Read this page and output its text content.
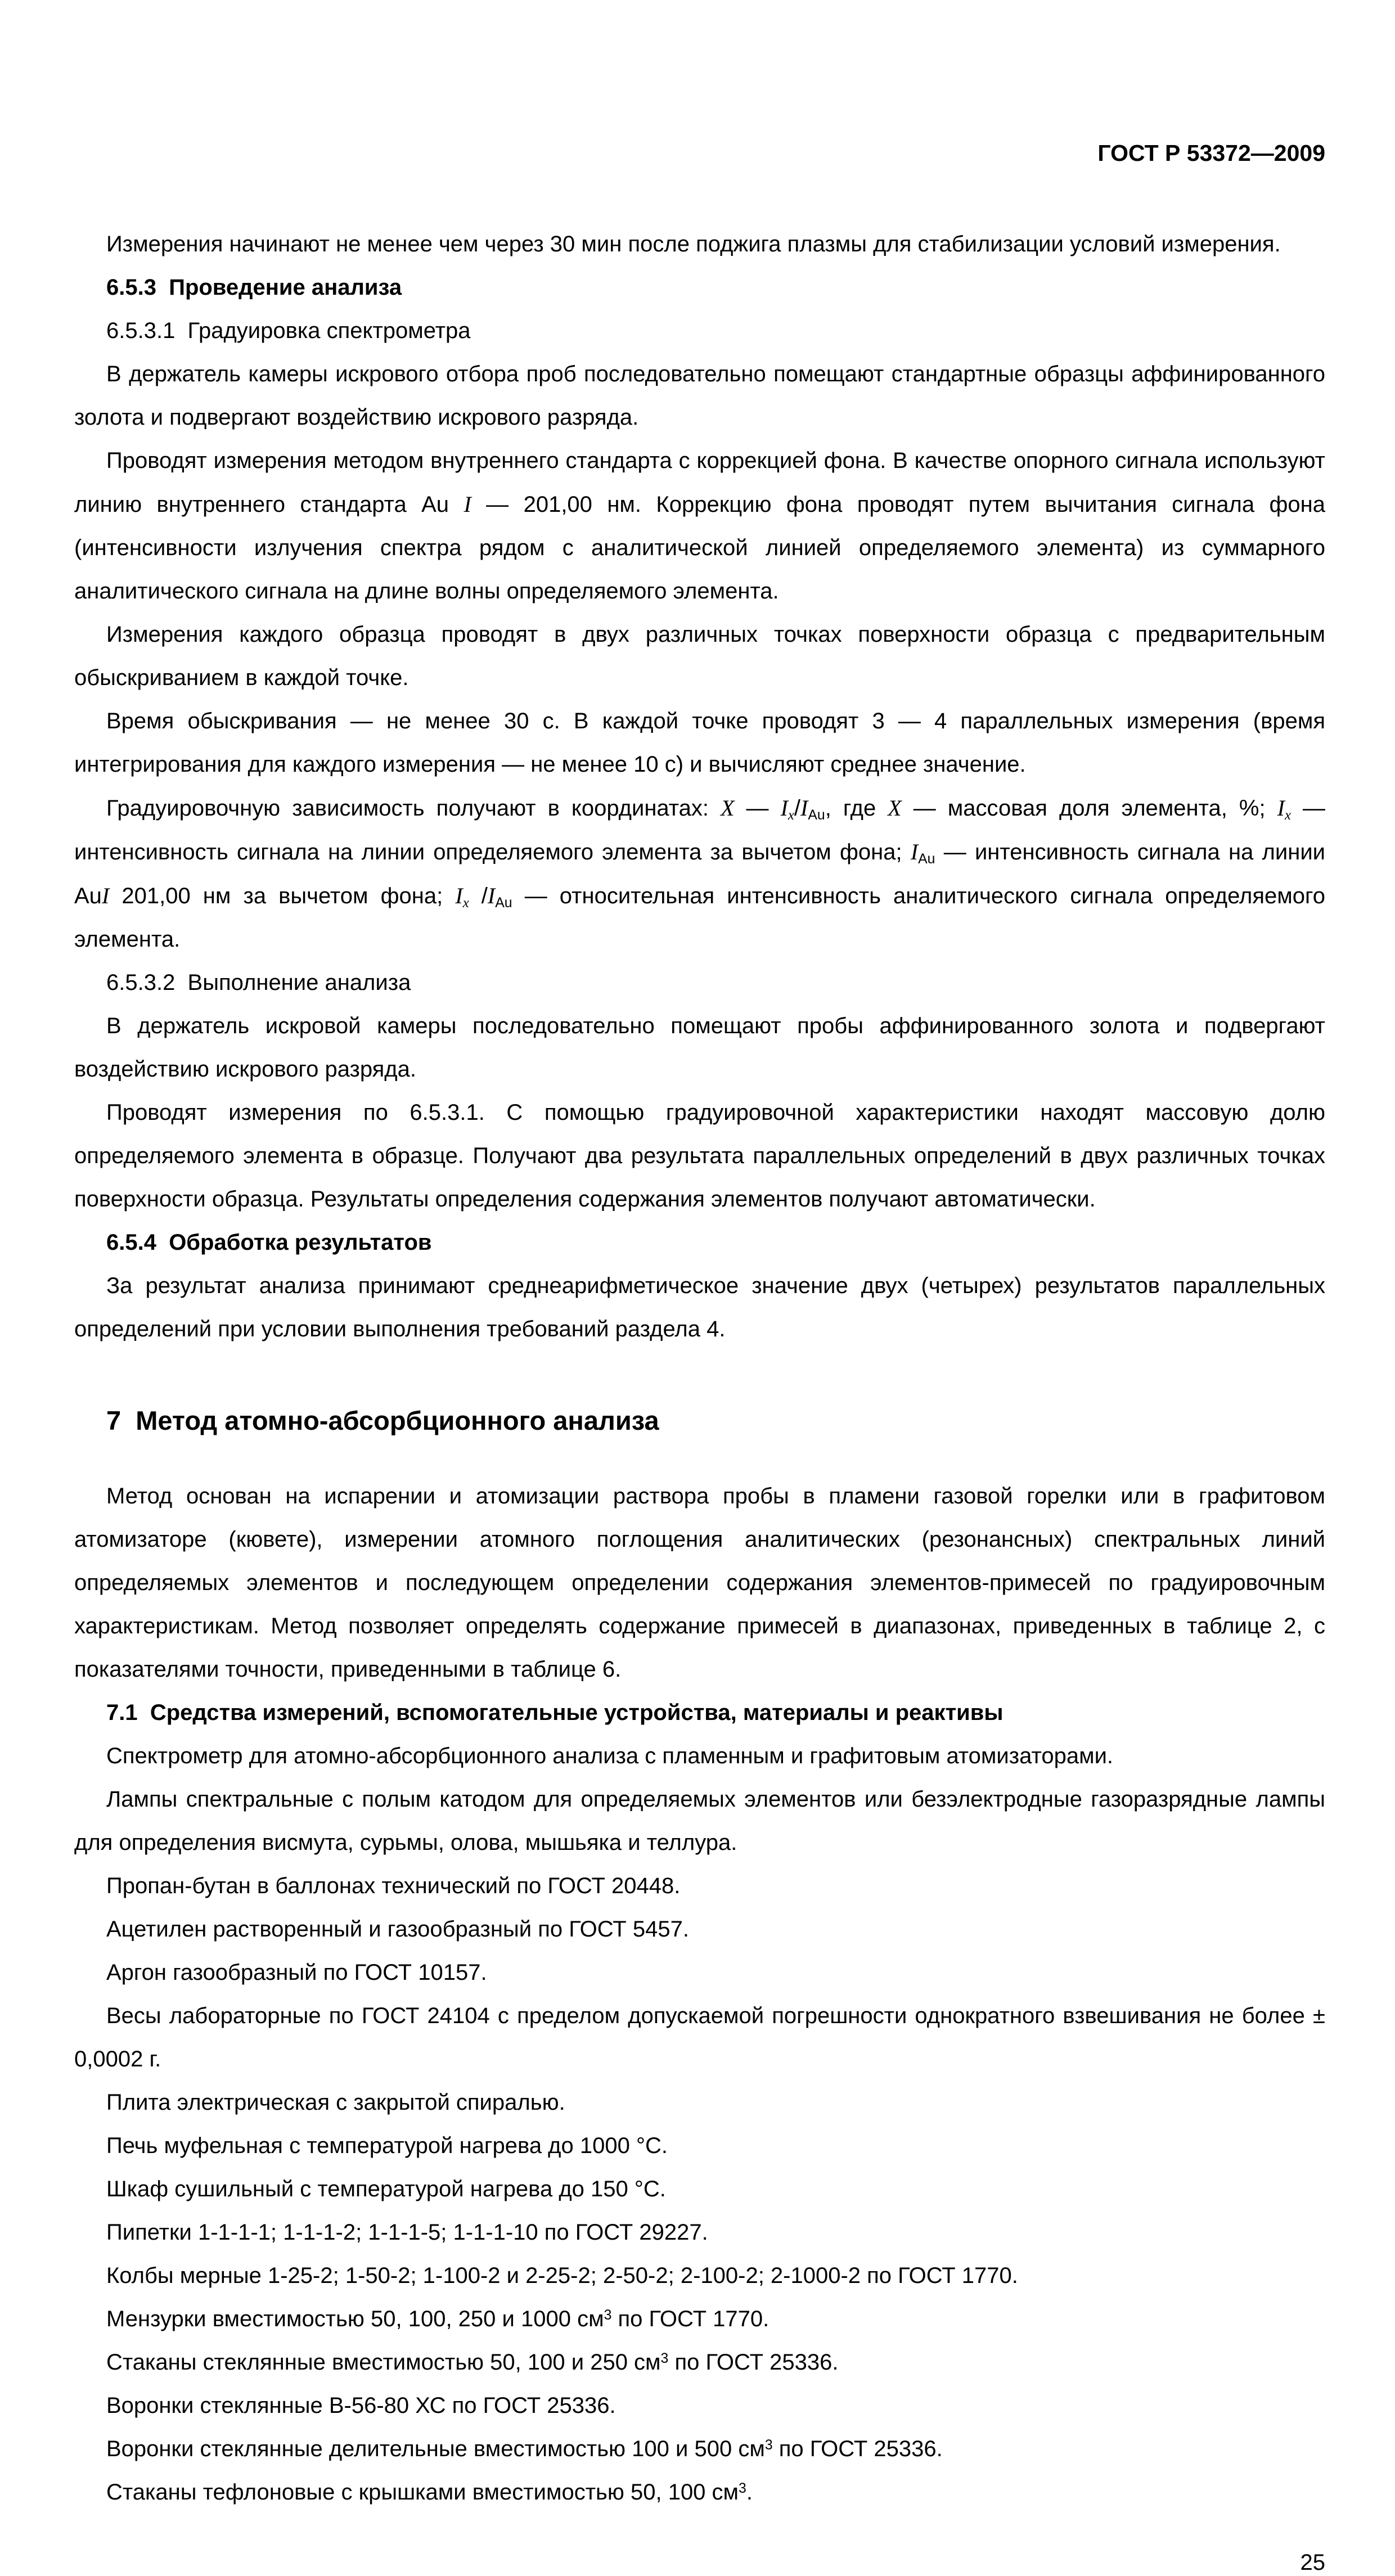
ГОСТ Р 53372—2009

Измерения начинают не менее чем через 30 мин после поджига плазмы для стабилизации условий измерения.

6.5.3  Проведение анализа

6.5.3.1  Градуировка спектрометра

В держатель камеры искрового отбора проб последовательно помещают стандартные образцы аффинированного золота и подвергают воздействию искрового разряда.

Проводят измерения методом внутреннего стандарта с коррекцией фона. В качестве опорного сигнала используют линию внутреннего стандарта Au I — 201,00 нм. Коррекцию фона проводят путем вычитания сигнала фона (интенсивности излучения спектра рядом с аналитической линией определяемого элемента) из суммарного аналитического сигнала на длине волны определяемого элемента.

Измерения каждого образца проводят в двух различных точках поверхности образца с предварительным обыскриванием в каждой точке.

Время обыскривания — не менее 30 с. В каждой точке проводят 3 — 4 параллельных измерения (время интегрирования для каждого измерения — не менее 10 с) и вычисляют среднее значение.

Градуировочную зависимость получают в координатах: X — Ix/IAu, где X — массовая доля элемента, %; Ix — интенсивность сигнала на линии определяемого элемента за вычетом фона; IAu — интенсивность сигнала на линии AuI 201,00 нм за вычетом фона; Ix /IAu — относительная интенсивность аналитического сигнала определяемого элемента.

6.5.3.2  Выполнение анализа

В держатель искровой камеры последовательно помещают пробы аффинированного золота и подвергают воздействию искрового разряда.

Проводят измерения по 6.5.3.1. С помощью градуировочной характеристики находят массовую долю определяемого элемента в образце. Получают два результата параллельных определений в двух различных точках поверхности образца. Результаты определения содержания элементов получают автоматически.

6.5.4  Обработка результатов

За результат анализа принимают среднеарифметическое значение двух (четырех) результатов параллельных определений при условии выполнения требований раздела 4.

7  Метод атомно-абсорбционного анализа

Метод основан на испарении и атомизации раствора пробы в пламени газовой горелки или в графитовом атомизаторе (кювете), измерении атомного поглощения аналитических (резонансных) спектральных линий определяемых элементов и последующем определении содержания элементов-примесей по градуировочным характеристикам. Метод позволяет определять содержание примесей в диапазонах, приведенных в таблице 2, с показателями точности, приведенными в таблице 6.

7.1  Средства измерений, вспомогательные устройства, материалы и реактивы

Спектрометр для атомно-абсорбционного анализа с пламенным и графитовым атомизаторами.

Лампы спектральные с полым катодом для определяемых элементов или безэлектродные газоразрядные лампы для определения висмута, сурьмы, олова, мышьяка и теллура.

Пропан-бутан в баллонах технический по ГОСТ 20448.

Ацетилен растворенный и газообразный по ГОСТ 5457.

Аргон газообразный по ГОСТ 10157.

Весы лабораторные по ГОСТ 24104 с пределом допускаемой погрешности однократного взвешивания не более ± 0,0002 г.

Плита электрическая с закрытой спиралью.

Печь муфельная с температурой нагрева до 1000 °С.

Шкаф сушильный с температурой нагрева до 150 °С.

Пипетки 1-1-1-1; 1-1-1-2; 1-1-1-5; 1-1-1-10 по ГОСТ 29227.

Колбы мерные 1-25-2; 1-50-2; 1-100-2 и 2-25-2; 2-50-2; 2-100-2; 2-1000-2 по ГОСТ 1770.

Мензурки вместимостью 50, 100, 250 и 1000 $см^3$ по ГОСТ 1770.

Стаканы стеклянные вместимостью 50, 100 и 250 $см^3$ по ГОСТ 25336.

Воронки стеклянные В-56-80 ХС по ГОСТ 25336.

Воронки стеклянные делительные вместимостью 100 и 500 $см^3$ по ГОСТ 25336.

Стаканы тефлоновые с крышками вместимостью 50, 100 $см^3$.

25
